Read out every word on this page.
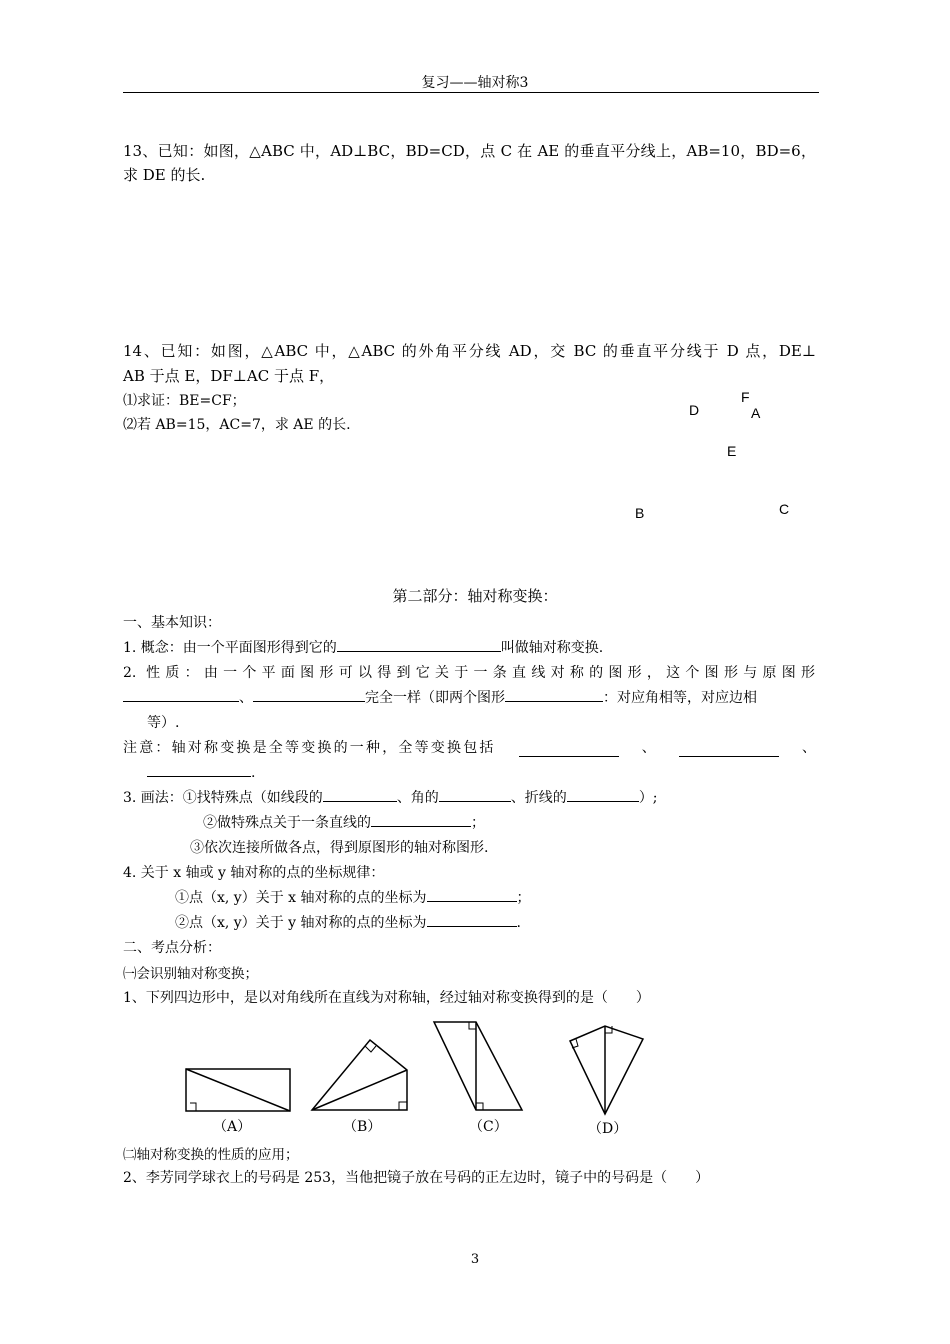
复习——轴对称3
13、已知：如图，△ABC 中，AD⊥BC，BD=CD，点 C 在 AE 的垂直平分线上，AB=10，BD=6，
求 DE 的长.
14、已知：如图，△ABC 中，△ABC 的外角平分线 AD，交 BC 的垂直平分线于 D 点，DE⊥
AB 于点 E，DF⊥AC 于点 F，
⑴求证：BE=CF；
⑵若 AB=15，AC=7，求 AE 的长.
F
D	A
E
B	C
第二部分：轴对称变换：
一、基本知识：
1. 概念：由一个平面图形得到它的	叫做轴对称变换.
2. 性质：由一个平面图形可以得到它关于一条直线对称的图形，这个图形与原图形
、	完全一样（即两个图形	：对应角相等，对应边相
等）.
注意：轴对称变换是全等变换的一种，全等变换包括	、	、
.
3. 画法：①找特殊点（如线段的	、角的	、折线的	）;
②做特殊点关于一条直线的	；
③依次连接所做各点，得到原图形的轴对称图形.
4. 关于 x 轴或 y 轴对称的点的坐标规律：
①点（x, y）关于 x 轴对称的点的坐标为	；
②点（x, y）关于 y 轴对称的点的坐标为	.
二、考点分析：
㈠会识别轴对称变换；
1、下列四边形中，是以对角线所在直线为对称轴，经过轴对称变换得到的是（　　）
（A）	（B）	（C）	（D）
㈡轴对称变换的性质的应用；
2、李芳同学球衣上的号码是 253，当他把镜子放在号码的正左边时，镜子中的号码是（　　）
3
